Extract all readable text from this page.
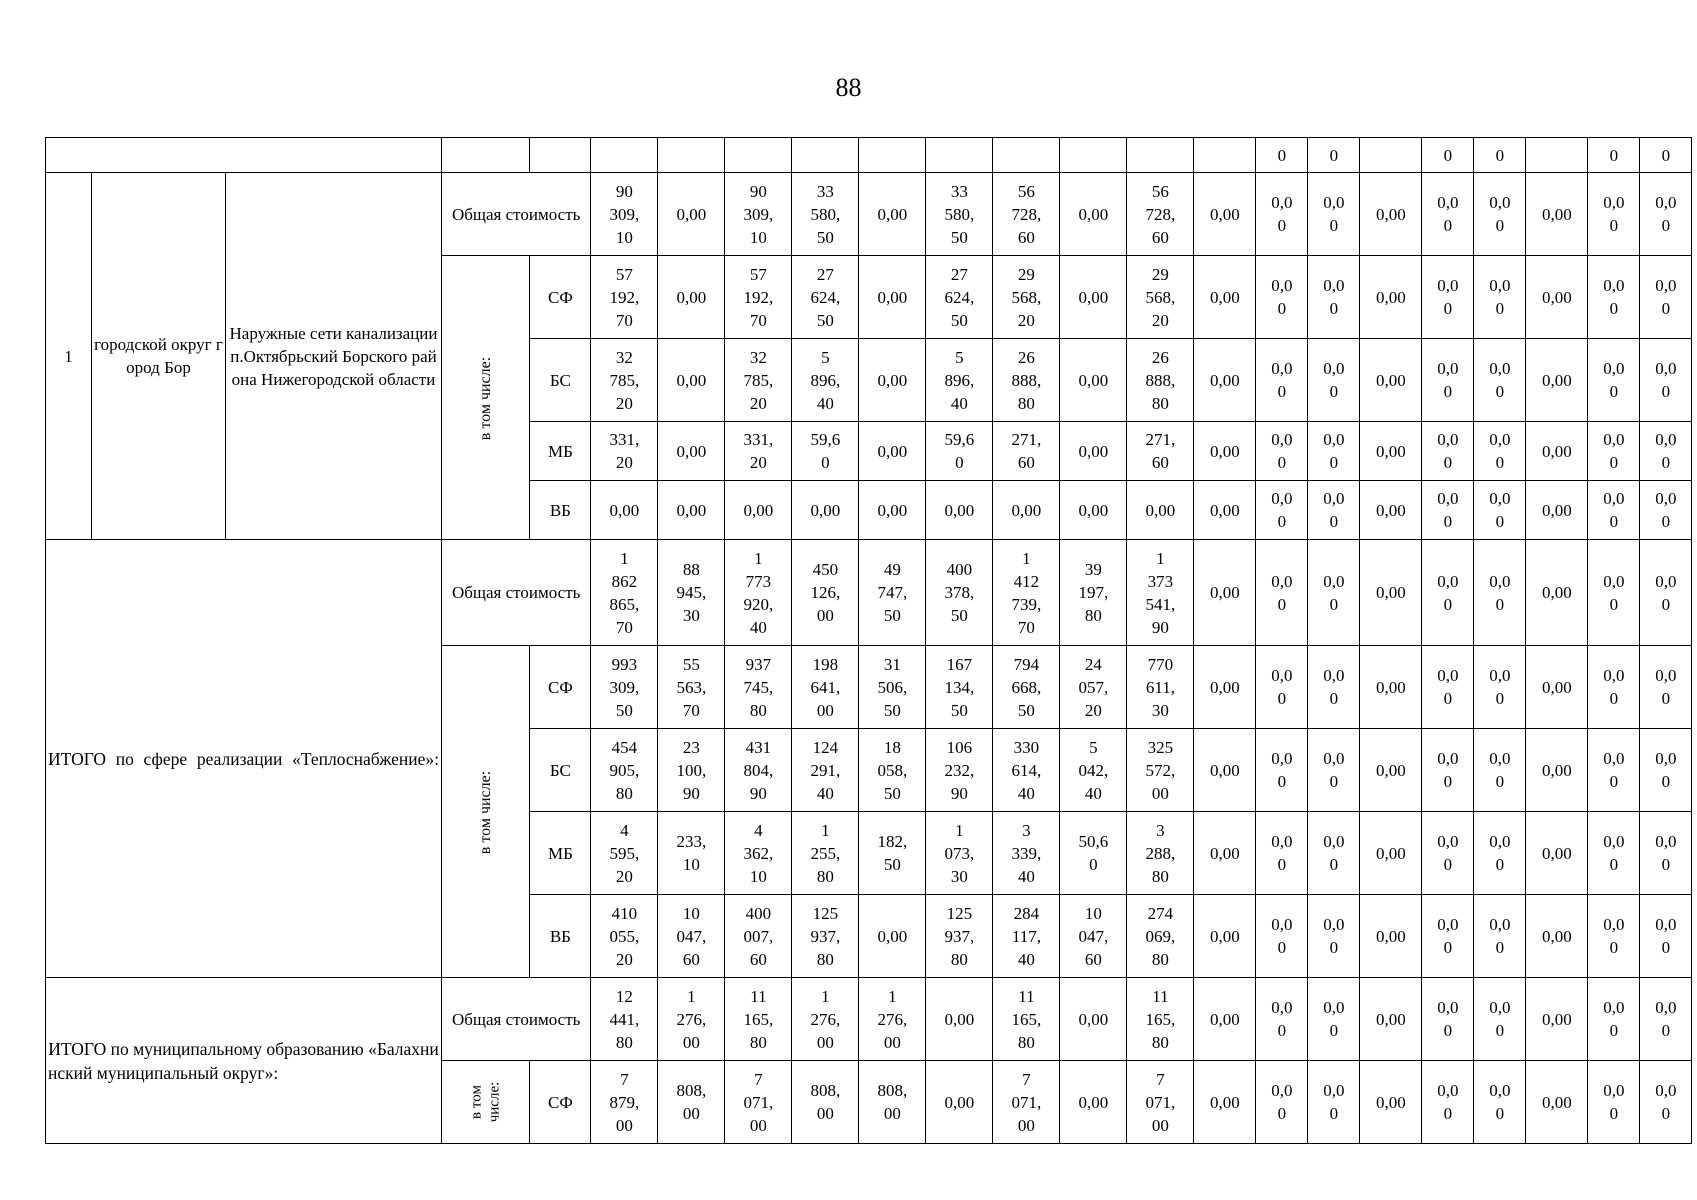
88
															0	0		0	0		0	0
1	городской округ город Бор	Наружные сети канализации п.Октябрьский Борского района Нижегородской области	Общая стоимость		90
309,
10	0,00	90
309,
10	33
580,
50	0,00	33
580,
50	56
728,
60	0,00	56
728,
60	0,00	0,0
0	0,0
0	0,00	0,0
0	0,0
0	0,00	0,0
0	0,0
0
			в том числе:	СФ	57
192,
70	0,00	57
192,
70	27
624,
50	0,00	27
624,
50	29
568,
20	0,00	29
568,
20	0,00	0,0
0	0,0
0	0,00	0,0
0	0,0
0	0,00	0,0
0	0,0
0
				БС	32
785,
20	0,00	32
785,
20	5
896,
40	0,00	5
896,
40	26
888,
80	0,00	26
888,
80	0,00	0,0
0	0,0
0	0,00	0,0
0	0,0
0	0,00	0,0
0	0,0
0
				МБ	331,
20	0,00	331,
20	59,6
0	0,00	59,6
0	271,
60	0,00	271,
60	0,00	0,0
0	0,0
0	0,00	0,0
0	0,0
0	0,00	0,0
0	0,0
0
				ВБ	0,00	0,00	0,00	0,00	0,00	0,00	0,00	0,00	0,00	0,00	0,0
0	0,0
0	0,00	0,0
0	0,0
0	0,00	0,0
0	0,0
0
ИТОГО по сфере реализации «Теплоснабжение»:			Общая стоимость		1
862
865,
70	88
945,
30	1
773
920,
40	450
126,
00	49
747,
50	400
378,
50	1
412
739,
70	39
197,
80	1
373
541,
90	0,00	0,0
0	0,0
0	0,00	0,0
0	0,0
0	0,00	0,0
0	0,0
0
			в том числе:	СФ	993
309,
50	55
563,
70	937
745,
80	198
641,
00	31
506,
50	167
134,
50	794
668,
50	24
057,
20	770
611,
30	0,00	0,0
0	0,0
0	0,00	0,0
0	0,0
0	0,00	0,0
0	0,0
0
				БС	454
905,
80	23
100,
90	431
804,
90	124
291,
40	18
058,
50	106
232,
90	330
614,
40	5
042,
40	325
572,
00	0,00	0,0
0	0,0
0	0,00	0,0
0	0,0
0	0,00	0,0
0	0,0
0
				МБ	4
595,
20	233,
10	4
362,
10	1
255,
80	182,
50	1
073,
30	3
339,
40	50,6
0	3
288,
80	0,00	0,0
0	0,0
0	0,00	0,0
0	0,0
0	0,00	0,0
0	0,0
0
				ВБ	410
055,
20	10
047,
60	400
007,
60	125
937,
80	0,00	125
937,
80	284
117,
40	10
047,
60	274
069,
80	0,00	0,0
0	0,0
0	0,00	0,0
0	0,0
0	0,00	0,0
0	0,0
0
ИТОГО по муниципальному образованию «Балахнинский муниципальный округ»:			Общая стоимость		12
441,
80	1
276,
00	11
165,
80	1
276,
00	1
276,
00	0,00	11
165,
80	0,00	11
165,
80	0,00	0,0
0	0,0
0	0,00	0,0
0	0,0
0	0,00	0,0
0	0,0
0
			в том
числе:	СФ	7
879,
00	808,
00	7
071,
00	808,
00	808,
00	0,00	7
071,
00	0,00	7
071,
00	0,00	0,0
0	0,0
0	0,00	0,0
0	0,0
0	0,00	0,0
0	0,0
0
